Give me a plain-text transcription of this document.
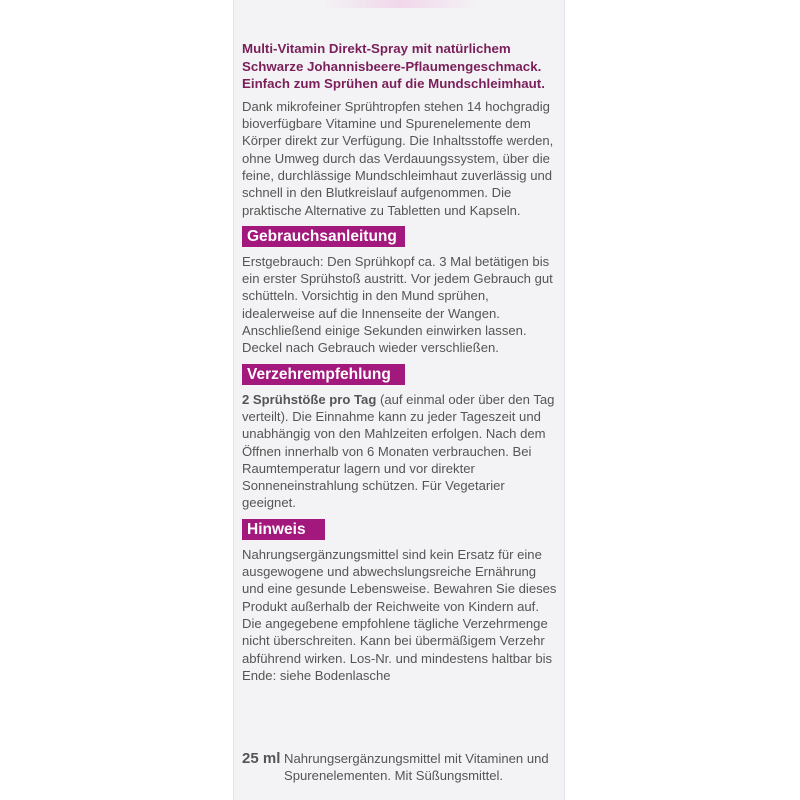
Multi-Vitamin Direkt-Spray mit natürlichem Schwarze Johannisbeere-Pflaumengeschmack. Einfach zum Sprühen auf die Mundschleimhaut.

Dank mikrofeiner Sprühtropfen stehen 14 hochgradig bioverfügbare Vitamine und Spurenelemente dem Körper direkt zur Verfügung. Die Inhaltsstoffe werden, ohne Umweg durch das Verdauungssystem, über die feine, durchlässige Mundschleimhaut zuverlässig und schnell in den Blutkreislauf aufgenommen. Die praktische Alternative zu Tabletten und Kapseln.

Gebrauchsanleitung

Erstgebrauch: Den Sprühkopf ca. 3 Mal betätigen bis ein erster Sprühstoß austritt. Vor jedem Gebrauch gut schütteln. Vorsichtig in den Mund sprühen, idealerweise auf die Innenseite der Wangen. Anschließend einige Sekunden einwirken lassen. Deckel nach Gebrauch wieder verschließen.

Verzehrempfehlung

2 Sprühstöße pro Tag (auf einmal oder über den Tag verteilt). Die Einnahme kann zu jeder Tageszeit und unabhängig von den Mahlzeiten erfolgen. Nach dem Öffnen innerhalb von 6 Monaten verbrauchen. Bei Raumtemperatur lagern und vor direkter Sonneneinstrahlung schützen. Für Vegetarier geeignet.

Hinweis

Nahrungsergänzungsmittel sind kein Ersatz für eine ausgewogene und abwechslungsreiche Ernährung und eine gesunde Lebensweise. Bewahren Sie dieses Produkt außerhalb der Reichweite von Kindern auf. Die angegebene empfohlene tägliche Verzehrmenge nicht überschreiten. Kann bei übermäßigem Verzehr abführend wirken. Los-Nr. und mindestens haltbar bis Ende: siehe Bodenlasche

25 ml Nahrungsergänzungsmittel mit Vitaminen und Spurenelementen. Mit Süßungsmittel.
